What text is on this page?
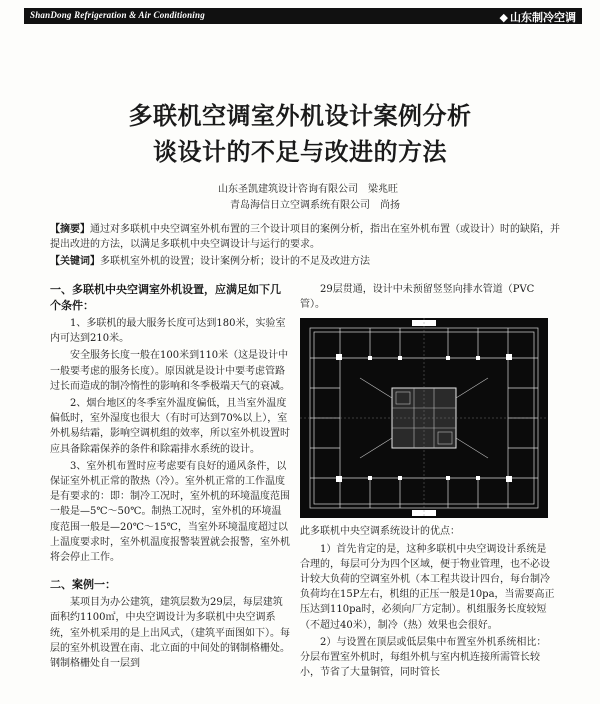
ShanDong Refrigeration & Air Conditioning	◆ 山东制冷空调
多联机空调室外机设计案例分析
谈设计的不足与改进的方法
山东圣凯建筑设计咨询有限公司　梁兆旺
青岛海信日立空调系统有限公司　尚扬
【摘要】通过对多联机中央空调室外机布置的三个设计项目的案例分析，指出在室外机布置（或设计）时的缺陷，并提出改进的方法，以满足多联机中央空调设计与运行的要求。
【关键词】多联机室外机的设置；设计案例分析；设计的不足及改进方法

一、多联机中央空调室外机设置，应满足如下几个条件：

1、多联机的最大服务长度可达到180米，实验室内可达到210米。

安全服务长度一般在100米到110米（这是设计中一般要考虑的服务长度）。原因就是设计中要考虑管路过长而造成的制冷惰性的影响和冬季极端天气的衰减。

2、烟台地区的冬季室外温度偏低，且当室外温度偏低时，室外湿度也很大（有时可达到70%以上），室外机易结霜，影响空调机组的效率，所以室外机设置时应具备除霜保养的条件和除霜排水系统的设计。

3、室外机布置时应考虑要有良好的通风条件，以保证室外机正常的散热（冷）。室外机正常的工作温度是有要求的：即：制冷工况时，室外机的环境温度范围一般是—5℃～50℃。制热工况时，室外机的环境温度范围一般是—20℃～15℃，当室外环境温度超过以上温度要求时，室外机温度报警装置就会报警，室外机将会停止工作。

二、案例一：

某项目为办公建筑，建筑层数为29层，每层建筑面积约1100㎡，中央空调设计为多联机中央空调系统，室外机采用的是上出风式，（建筑平面图如下）。每层的室外机设置在南、北立面的中间处的钢制格栅处。钢制格栅处自一层到

29层贯通，设计中未预留竖竖向排水管道（PVC管）。

此多联机中央空调系统设计的优点：

1）首先肯定的是，这种多联机中央空调设计系统是合理的，每层可分为四个区域，便于物业管理，也不必设计较大负荷的空调室外机（本工程共设计四台，每台制冷负荷均在15P左右，机组的正压一般是10pa，当需要高正压达到110pa时，必须向厂方定制）。机组服务长度较短（不超过40米），制冷（热）效果也会很好。

2）与设置在顶层或低层集中布置室外机系统相比：分层布置室外机时，每组外机与室内机连接所需管长较小，节省了大量铜管，同时管长
